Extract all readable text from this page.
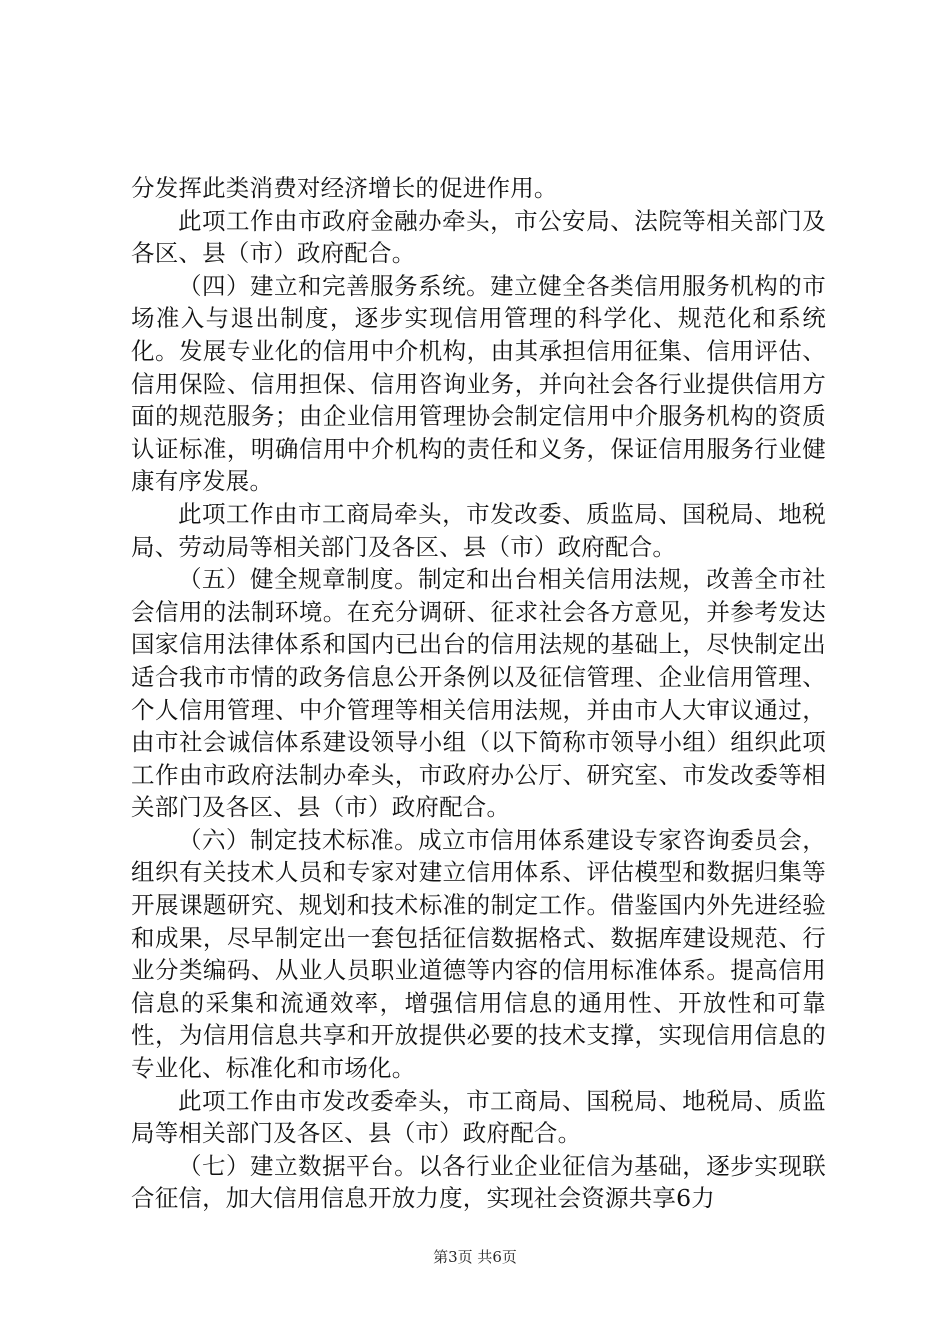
分发挥此类消费对经济增长的促进作用。

此项工作由市政府金融办牵头，市公安局、法院等相关部门及各区、县（市）政府配合。

（四）建立和完善服务系统。建立健全各类信用服务机构的市场准入与退出制度，逐步实现信用管理的科学化、规范化和系统化。发展专业化的信用中介机构，由其承担信用征集、信用评估、信用保险、信用担保、信用咨询业务，并向社会各行业提供信用方面的规范服务；由企业信用管理协会制定信用中介服务机构的资质认证标准，明确信用中介机构的责任和义务，保证信用服务行业健康有序发展。

此项工作由市工商局牵头，市发改委、质监局、国税局、地税局、劳动局等相关部门及各区、县（市）政府配合。

（五）健全规章制度。制定和出台相关信用法规，改善全市社会信用的法制环境。在充分调研、征求社会各方意见，并参考发达国家信用法律体系和国内已出台的信用法规的基础上，尽快制定出适合我市市情的政务信息公开条例以及征信管理、企业信用管理、个人信用管理、中介管理等相关信用法规，并由市人大审议通过，由市社会诚信体系建设领导小组（以下简称市领导小组）组织此项工作由市政府法制办牵头，市政府办公厅、研究室、市发改委等相关部门及各区、县（市）政府配合。

（六）制定技术标准。成立市信用体系建设专家咨询委员会，组织有关技术人员和专家对建立信用体系、评估模型和数据归集等开展课题研究、规划和技术标准的制定工作。借鉴国内外先进经验和成果，尽早制定出一套包括征信数据格式、数据库建设规范、行业分类编码、从业人员职业道德等内容的信用标准体系。提高信用信息的采集和流通效率，增强信用信息的通用性、开放性和可靠性，为信用信息共享和开放提供必要的技术支撑，实现信用信息的专业化、标准化和市场化。

此项工作由市发改委牵头，市工商局、国税局、地税局、质监局等相关部门及各区、县（市）政府配合。

（七）建立数据平台。以各行业企业征信为基础，逐步实现联合征信，加大信用信息开放力度，实现社会资源共享6力

第3页 共6页
